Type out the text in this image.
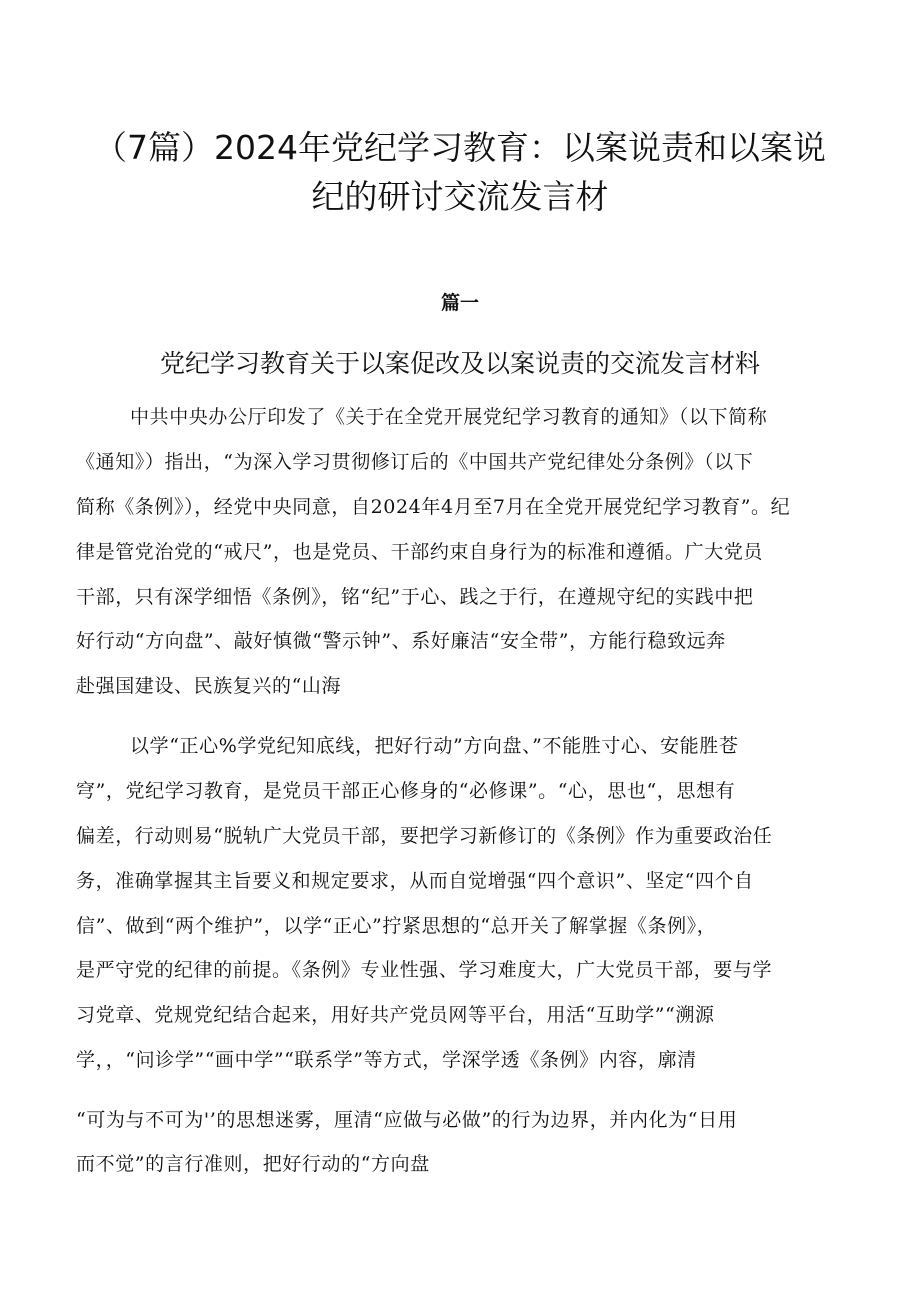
（7篇）2024年党纪学习教育：以案说责和以案说
纪的研讨交流发言材
篇一
党纪学习教育关于以案促改及以案说责的交流发言材料
中共中央办公厅印发了《关于在全党开展党纪学习教育的通知》（以下简称
《通知》）指出，“为深入学习贯彻修订后的《中国共产党纪律处分条例》（以下
简称《条例》），经党中央同意，自2024年4月至7月在全党开展党纪学习教育”。纪
律是管党治党的“戒尺”，也是党员、干部约束自身行为的标准和遵循。广大党员
干部，只有深学细悟《条例》，铭“纪”于心、践之于行，在遵规守纪的实践中把
好行动“方向盘”、敲好慎微“警示钟”、系好廉洁“安全带”，方能行稳致远奔
赴强国建设、民族复兴的“山海
以学“正心%学党纪知底线，把好行动”方向盘、”不能胜寸心、安能胜苍
穹”，党纪学习教育，是党员干部正心修身的“必修课”。“心，思也“，思想有
偏差，行动则易“脱轨广大党员干部，要把学习新修订的《条例》作为重要政治任
务，准确掌握其主旨要义和规定要求，从而自觉增强“四个意识”、坚定“四个自
信”、做到“两个维护”，以学“正心”拧紧思想的“总开关了解掌握《条例》，
是严守党的纪律的前提。《条例》专业性强、学习难度大，广大党员干部，要与学
习党章、党规党纪结合起来，用好共产党员网等平台，用活“互助学”“溯源
学，，“问诊学”“画中学”“联系学”等方式，学深学透《条例》内容，廓清
“可为与不可为'’的思想迷雾，厘清“应做与必做”的行为边界，并内化为“日用
而不觉”的言行准则，把好行动的“方向盘
